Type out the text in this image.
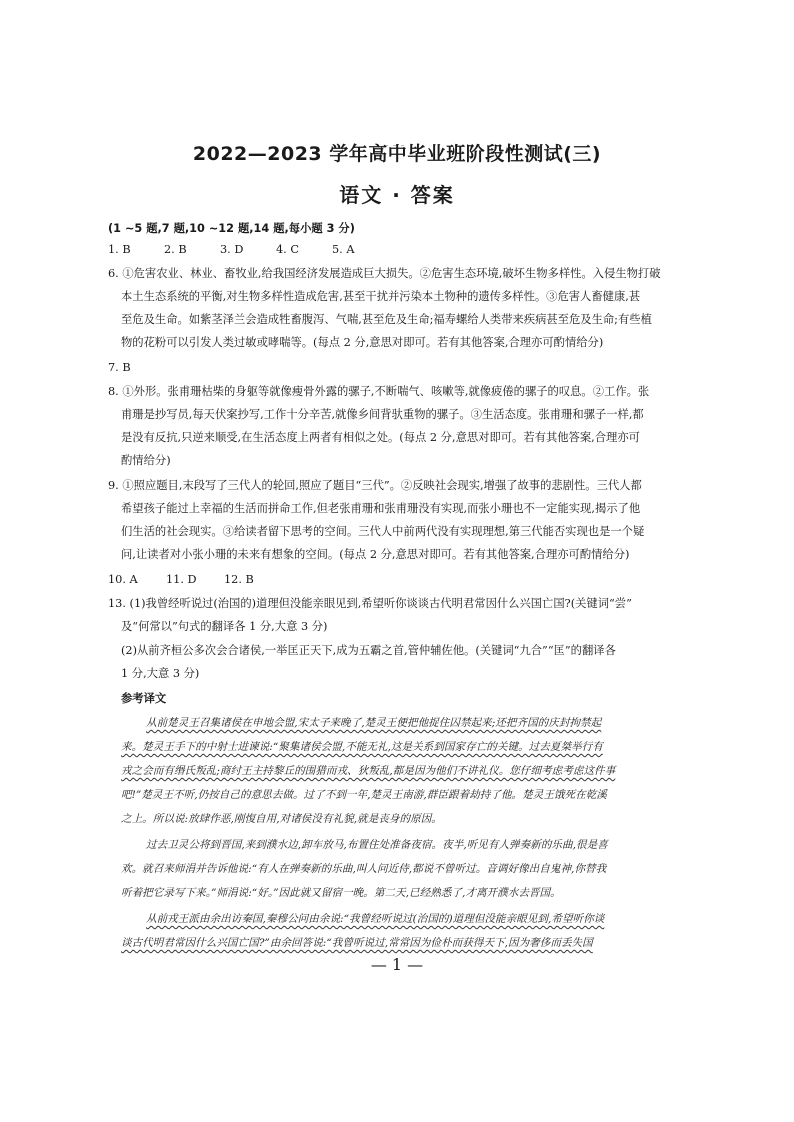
2022—2023 学年高中毕业班阶段性测试(三)
语文 · 答案
(1 ~5 题,7 题,10 ~12 题,14 题,每小题 3 分)
1. B	2. B	3. D	4. C	5. A
6. ①危害农业、林业、畜牧业,给我国经济发展造成巨大损失。②危害生态环境,破坏生物多样性。入侵生物打破
本土生态系统的平衡,对生物多样性造成危害,甚至干扰并污染本土物种的遗传多样性。③危害人畜健康,甚
至危及生命。如紫茎泽兰会造成牲畜腹泻、气喘,甚至危及生命;福寿螺给人类带来疾病甚至危及生命;有些植
物的花粉可以引发人类过敏或哮喘等。(每点 2 分,意思对即可。若有其他答案,合理亦可酌情给分)
7. B
8. ①外形。张甫珊枯柴的身躯等就像瘦骨外露的骡子,不断喘气、咳嗽等,就像疲倦的骡子的叹息。②工作。张
甫珊是抄写员,每天伏案抄写,工作十分辛苦,就像乡间背驮重物的骡子。③生活态度。张甫珊和骡子一样,都
是没有反抗,只逆来顺受,在生活态度上两者有相似之处。(每点 2 分,意思对即可。若有其他答案,合理亦可
酌情给分)
9. ①照应题目,末段写了三代人的轮回,照应了题目“三代”。②反映社会现实,增强了故事的悲剧性。三代人都
希望孩子能过上幸福的生活而拼命工作,但老张甫珊和张甫珊没有实现,而张小珊也不一定能实现,揭示了他
们生活的社会现实。③给读者留下思考的空间。三代人中前两代没有实现理想,第三代能否实现也是一个疑
问,让读者对小张小珊的未来有想象的空间。(每点 2 分,意思对即可。若有其他答案,合理亦可酌情给分)
10. A	11. D 12. B
13. (1)我曾经听说过(治国的)道理但没能亲眼见到,希望听你谈谈古代明君常因什么兴国亡国?(关键词“尝”
及“何常以”句式的翻译各 1 分,大意 3 分)
(2)从前齐桓公多次会合诸侯,一举匡正天下,成为五霸之首,管仲辅佐他。(关键词“九合”“匡”的翻译各
1 分,大意 3 分)
参考译文
从前楚灵王召集诸侯在申地会盟,宋太子来晚了,楚灵王便把他捉住囚禁起来;还把齐国的庆封拘禁起
来。楚灵王手下的中射士进谏说:“聚集诸侯会盟,不能无礼,这是关系到国家存亡的关键。过去夏桀举行有
戎之会而有缗氏叛乱;商纣王主持黎丘的围猎而戎、狄叛乱,都是因为他们不讲礼仪。您仔细考虑考虑这件事
吧!”楚灵王不听,仍按自己的意思去做。过了不到一年,楚灵王南游,群臣跟着劫持了他。楚灵王饿死在乾溪
之上。所以说:放肆作恶,刚愎自用,对诸侯没有礼貌,就是丧身的原因。
过去卫灵公将到晋国,来到濮水边,卸车放马,布置住处准备夜宿。夜半,听见有人弹奏新的乐曲,很是喜
欢。就召来师涓并告诉他说:“有人在弹奏新的乐曲,叫人问近侍,都说不曾听过。音调好像出自鬼神,你替我
听着把它录写下来。”师涓说:“好。”因此就又留宿一晚。第二天,已经熟悉了,才离开濮水去晋国。
从前戎王派由余出访秦国,秦穆公问由余说:“我曾经听说过(治国的)道理但没能亲眼见到,希望听你谈
谈古代明君常因什么兴国亡国?”由余回答说:“我曾听说过,常常因为俭朴而获得天下,因为奢侈而丢失国
— 1 —
